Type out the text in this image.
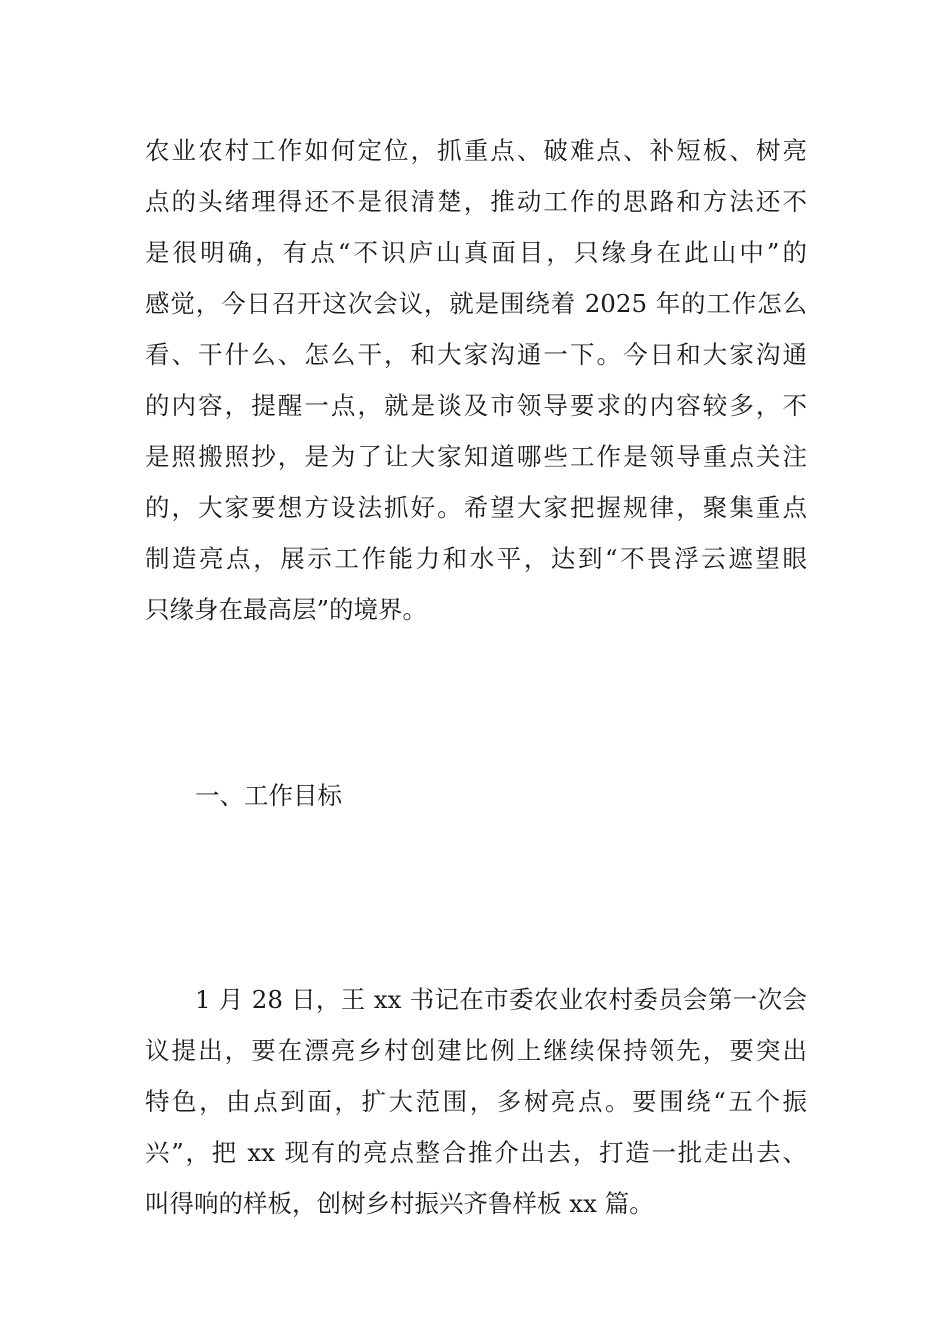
农业农村工作如何定位，抓重点、破难点、补短板、树亮
点的头绪理得还不是很清楚，推动工作的思路和方法还不
是很明确，有点“不识庐山真面目，只缘身在此山中”的
感觉，今日召开这次会议，就是围绕着 2025 年的工作怎么
看、干什么、怎么干，和大家沟通一下。今日和大家沟通
的内容，提醒一点，就是谈及市领导要求的内容较多，不
是照搬照抄，是为了让大家知道哪些工作是领导重点关注
的，大家要想方设法抓好。希望大家把握规律，聚集重点
制造亮点，展示工作能力和水平，达到“不畏浮云遮望眼
只缘身在最高层”的境界。

一、工作目标

1 月 28 日，王 xx 书记在市委农业农村委员会第一次会
议提出，要在漂亮乡村创建比例上继续保持领先，要突出
特色，由点到面，扩大范围，多树亮点。要围绕“五个振
兴”，把 xx 现有的亮点整合推介出去，打造一批走出去、
叫得响的样板，创树乡村振兴齐鲁样板 xx 篇。
